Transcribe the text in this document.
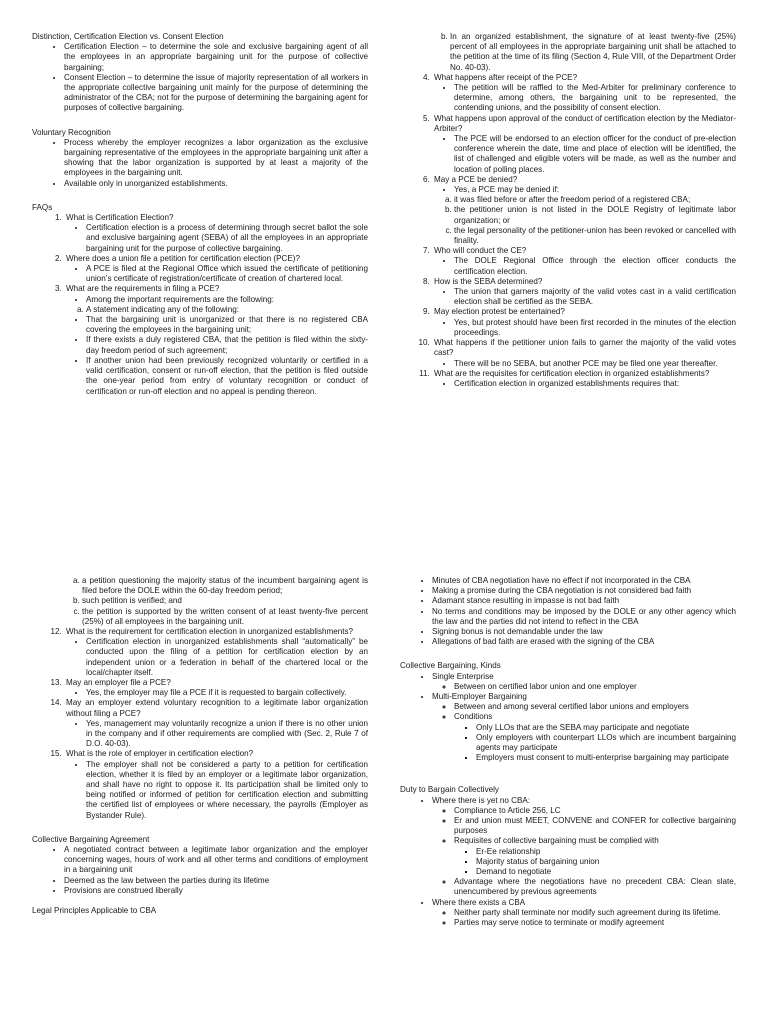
Distinction, Certification Election vs. Consent Election
• Certification Election – to determine the sole and exclusive bargaining agent of all the employees in an appropriate bargaining unit for the purpose of collective bargaining;
• Consent Election – to determine the issue of majority representation of all workers in the appropriate collective bargaining unit mainly for the purpose of determining the administrator of the CBA; not for the purpose of determining the bargaining agent for purposes of collective bargaining.
Voluntary Recognition
• Process whereby the employer recognizes a labor organization as the exclusive bargaining representative of the employees in the appropriate bargaining unit after a showing that the labor organization is supported by at least a majority of the employees in the bargaining unit.
• Available only in unorganized establishments.
FAQs
1. What is Certification Election?
• Certification election is a process of determining through secret ballot the sole and exclusive bargaining agent (SEBA) of all the employees in an appropriate bargaining unit for the purpose of collective bargaining.
2. Where does a union file a petition for certification election (PCE)?
• A PCE is filed at the Regional Office which issued the certificate of petitioning union’s certificate of registration/certificate of creation of chartered local.
3. What are the requirements in filing a PCE?
• Among the important requirements are the following:
a. A statement indicating any of the following:
• That the bargaining unit is unorganized or that there is no registered CBA covering the employees in the bargaining unit;
• If there exists a duly registered CBA, that the petition is filed within the sixty-day freedom period of such agreement;
• If another union had been previously recognized voluntarily or certified in a valid certification, consent or run-off election, that the petition is filed outside the one-year period from entry of voluntary recognition or conduct of certification or run-off election and no appeal is pending thereon.
b. In an organized establishment, the signature of at least twenty-five (25%) percent of all employees in the appropriate bargaining unit shall be attached to the petition at the time of its filing (Section 4, Rule VIII, of the Department Order No. 40-03).
4. What happens after receipt of the PCE?
• The petition will be raffled to the Med-Arbiter for preliminary conference to determine, among others, the bargaining unit to be represented, the contending unions, and the possibility of consent election.
5. What happens upon approval of the conduct of certification election by the Mediator-Arbiter?
• The PCE will be endorsed to an election officer for the conduct of pre-election conference wherein the date, time and place of election will be identified, the list of challenged and eligible voters will be made, as well as the number and location of polling places.
6. May a PCE be denied?
• Yes, a PCE may be denied if:
a. it was filed before or after the freedom period of a registered CBA;
b. the petitioner union is not listed in the DOLE Registry of legitimate labor organization; or
c. the legal personality of the petitioner-union has been revoked or cancelled with finality.
7. Who will conduct the CE?
• The DOLE Regional Office through the election officer conducts the certification election.
8. How is the SEBA determined?
• The union that garners majority of the valid votes cast in a valid certification election shall be certified as the SEBA.
9. May election protest be entertained?
• Yes, but protest should have been first recorded in the minutes of the election proceedings.
10. What happens if the petitioner union fails to garner the majority of the valid votes cast?
• There will be no SEBA, but another PCE may be filed one year thereafter.
11. What are the requisites for certification election in organized establishments?
• Certification election in organized establishments requires that:
a. a petition questioning the majority status of the incumbent bargaining agent is filed before the DOLE within the 60-day freedom period;
b. such petition is verified; and
c. the petition is supported by the written consent of at least twenty-five percent (25%) of all employees in the bargaining unit.
12. What is the requirement for certification election in unorganized establishments?
• Certification election in unorganized establishments shall “automatically” be conducted upon the filing of a petition for certification election by an independent union or a federation in behalf of the chartered local or the local/chapter itself.
13. May an employer file a PCE?
• Yes, the employer may file a PCE if it is requested to bargain collectively.
14. May an employer extend voluntary recognition to a legitimate labor organization without filing a PCE?
• Yes, management may voluntarily recognize a union if there is no other union in the company and if other requirements are complied with (Sec. 2, Rule 7 of D.O. 40-03).
15. What is the role of employer in certification election?
• The employer shall not be considered a party to a petition for certification election, whether it is filed by an employer or a legitimate labor organization, and shall have no right to oppose it. Its participation shall be limited only to being notified or informed of petition for certification election and submitting the certified list of employees or where necessary, the payrolls (Employer as Bystander Rule).
Collective Bargaining Agreement
• A negotiated contract between a legitimate labor organization and the employer concerning wages, hours of work and all other terms and conditions of employment in a bargaining unit
• Deemed as the law between the parties during its lifetime
• Provisions are construed liberally
Legal Principles Applicable to CBA
• Minutes of CBA negotiation have no effect if not incorporated in the CBA
• Making a promise during the CBA negotiation is not considered bad faith
• Adamant stance resulting in impasse is not bad faith
• No terms and conditions may be imposed by the DOLE or any other agency which the law and the parties did not intend to reflect in the CBA
• Signing bonus is not demandable under the law
• Allegations of bad faith are erased with the signing of the CBA
Collective Bargaining, Kinds
• Single Enterprise
◦ Between on certified labor union and one employer
• Multi-Employer Bargaining
◦ Between and among several certified labor unions and employers
◦ Conditions
▪ Only LLOs that are the SEBA may participate and negotiate
▪ Only employers with counterpart LLOs which are incumbent bargaining agents may participate
▪ Employers must consent to multi-enterprise bargaining may participate
Duty to Bargain Collectively
• Where there is yet no CBA:
◦ Compliance to Article 256, LC
◦ Er and union must MEET, CONVENE and CONFER for collective bargaining purposes
◦ Requisites of collective bargaining must be complied with
▪ Er-Ee relationship
▪ Majority status of bargaining union
▪ Demand to negotiate
◦ Advantage where the negotiations have no precedent CBA: Clean slate, unencumbered by previous agreements
• Where there exists a CBA
◦ Neither party shall terminate nor modify such agreement during its lifetime.
◦ Parties may serve notice to terminate or modify agreement
